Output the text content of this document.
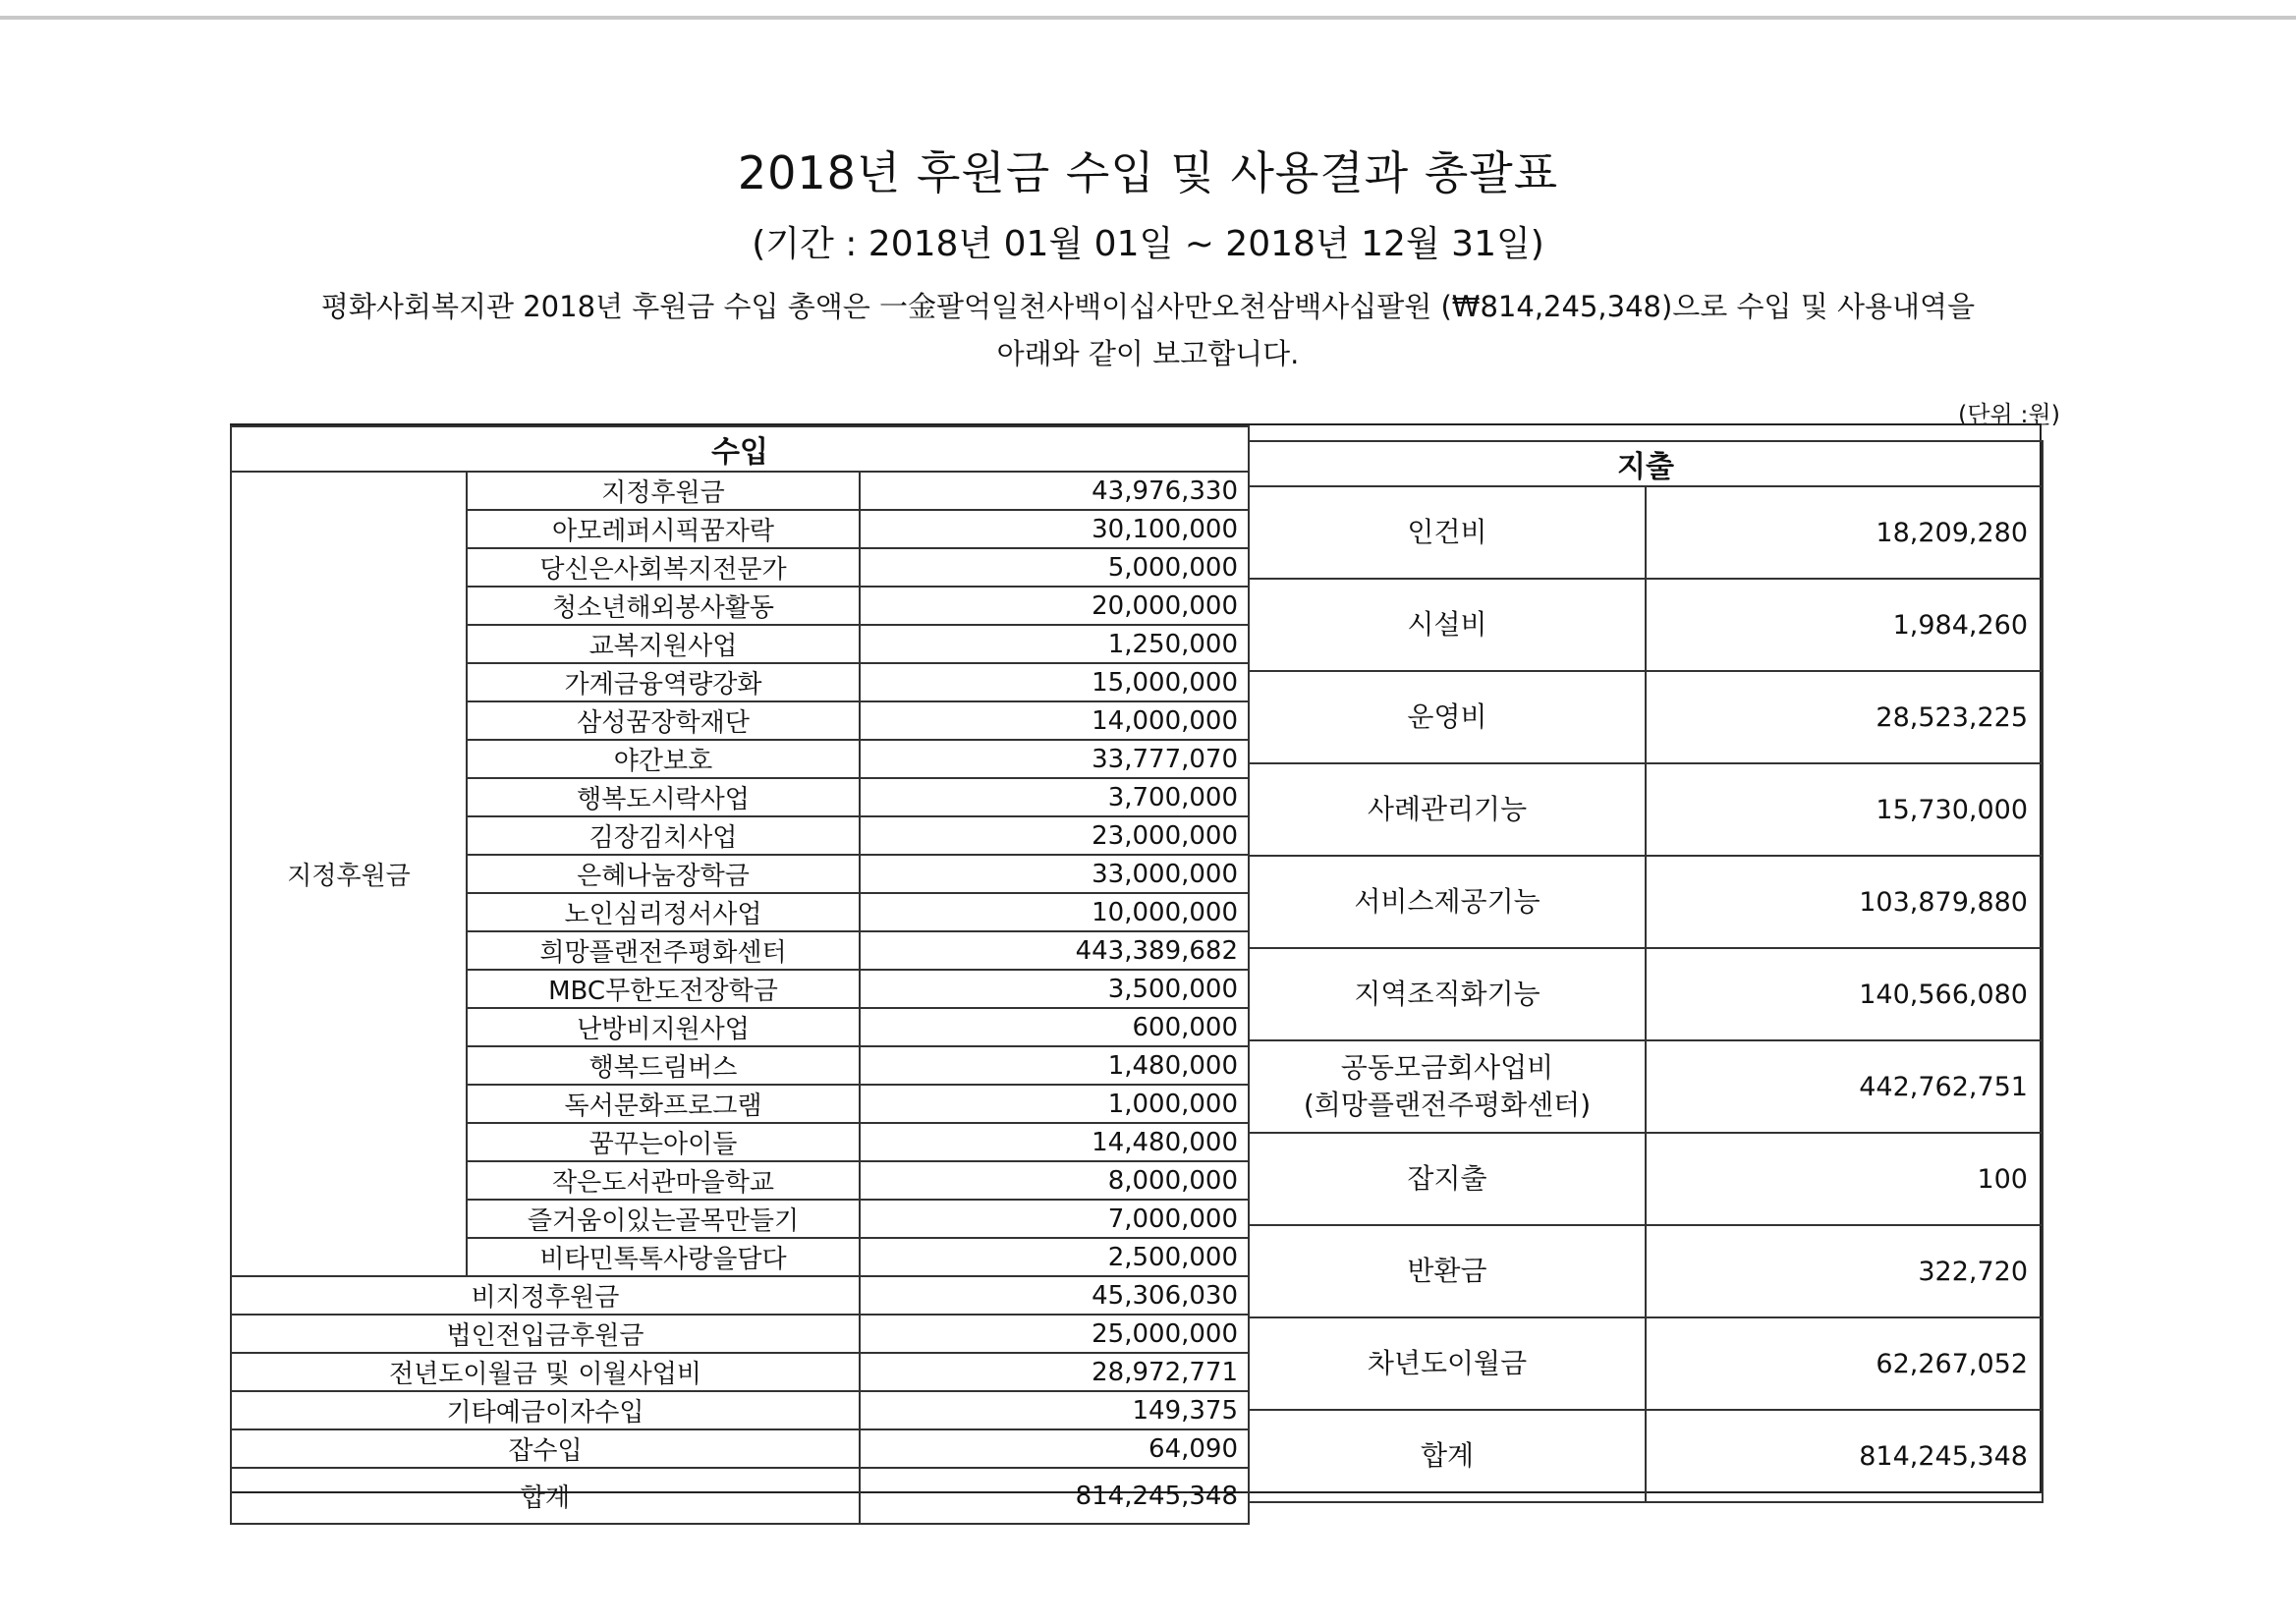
2018년 후원금 수입 및 사용결과 총괄표
(기간 : 2018년 01월 01일 ~ 2018년 12월 31일)
평화사회복지관 2018년 후원금 수입 총액은 一金팔억일천사백이십사만오천삼백사십팔원 (₩814,245,348)으로 수입 및 사용내역을
아래와 같이 보고합니다.
(단위 :원)
수입		
지정후원금	지정후원금	43,976,330
	아모레퍼시픽꿈자락	30,100,000
	당신은사회복지전문가	5,000,000
	청소년해외봉사활동	20,000,000
	교복지원사업	1,250,000
	가계금융역량강화	15,000,000
	삼성꿈장학재단	14,000,000
	야간보호	33,777,070
	행복도시락사업	3,700,000
	김장김치사업	23,000,000
	은혜나눔장학금	33,000,000
	노인심리정서사업	10,000,000
	희망플랜전주평화센터	443,389,682
	MBC무한도전장학금	3,500,000
	난방비지원사업	600,000
	행복드림버스	1,480,000
	독서문화프로그램	1,000,000
	꿈꾸는아이들	14,480,000
	작은도서관마을학교	8,000,000
	즐거움이있는골목만들기	7,000,000
	비타민톡톡사랑을담다	2,500,000
비지정후원금		45,306,030
법인전입금후원금		25,000,000
전년도이월금 및 이월사업비		28,972,771
기타예금이자수입		149,375
잡수입		64,090
합계		814,245,348
지출	

인건비	18,209,280

시설비	1,984,260

운영비	28,523,225

사례관리기능	15,730,000

서비스제공기능	103,879,880

지역조직화기능	140,566,080

공동모금회사업비
(희망플랜전주평화센터)	442,762,751

잡지출	100

반환금	322,720

차년도이월금	62,267,052

합계	814,245,348
